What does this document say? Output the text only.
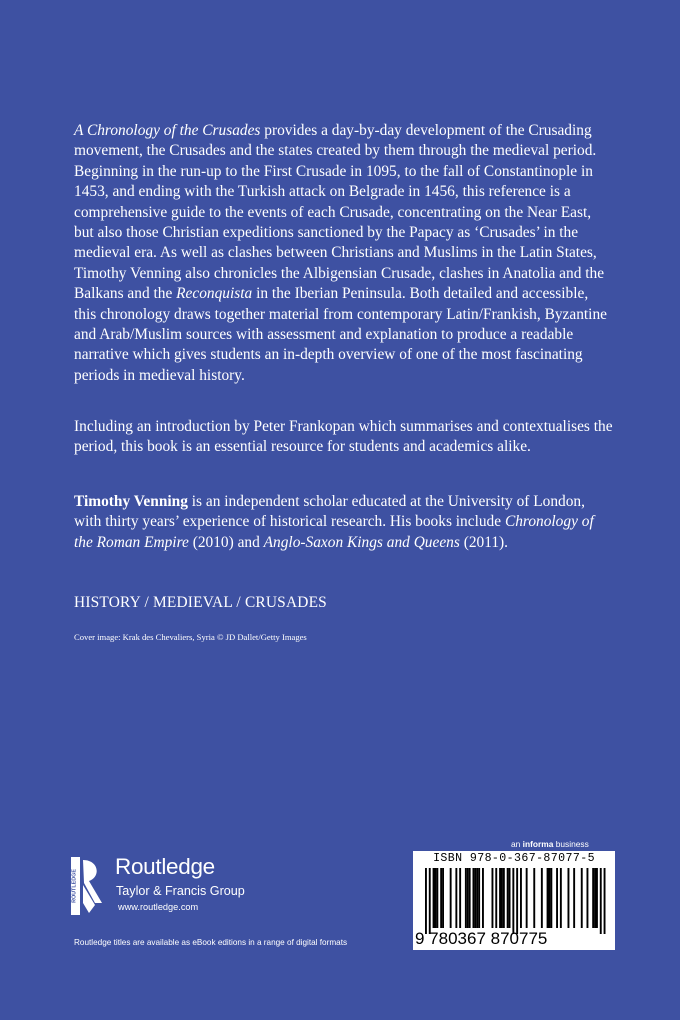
A Chronology of the Crusades provides a day-by-day development of the Crusading movement, the Crusades and the states created by them through the medieval period. Beginning in the run-up to the First Crusade in 1095, to the fall of Constantinople in 1453, and ending with the Turkish attack on Belgrade in 1456, this reference is a comprehensive guide to the events of each Crusade, concentrating on the Near East, but also those Christian expeditions sanctioned by the Papacy as ‘Crusades’ in the medieval era. As well as clashes between Christians and Muslims in the Latin States, Timothy Venning also chronicles the Albigensian Crusade, clashes in Anatolia and the Balkans and the Reconquista in the Iberian Peninsula. Both detailed and accessible, this chronology draws together material from contemporary Latin/Frankish, Byzantine and Arab/Muslim sources with assessment and explanation to produce a readable narrative which gives students an in-depth overview of one of the most fascinating periods in medieval history.

Including an introduction by Peter Frankopan which summarises and contextualises the period, this book is an essential resource for students and academics alike.

Timothy Venning is an independent scholar educated at the University of London, with thirty years’ experience of historical research. His books include Chronology of the Roman Empire (2010) and Anglo-Saxon Kings and Queens (2011).

HISTORY / MEDIEVAL / CRUSADES
Cover image: Krak des Chevaliers, Syria © JD Dallet/Getty Images
ROUTLEDGE
Routledge
Taylor & Francis Group
www.routledge.com
Routledge titles are available as eBook editions in a range of digital formats
an informa business
ISBN 978-0-367-87077-5
9 780367 870775
